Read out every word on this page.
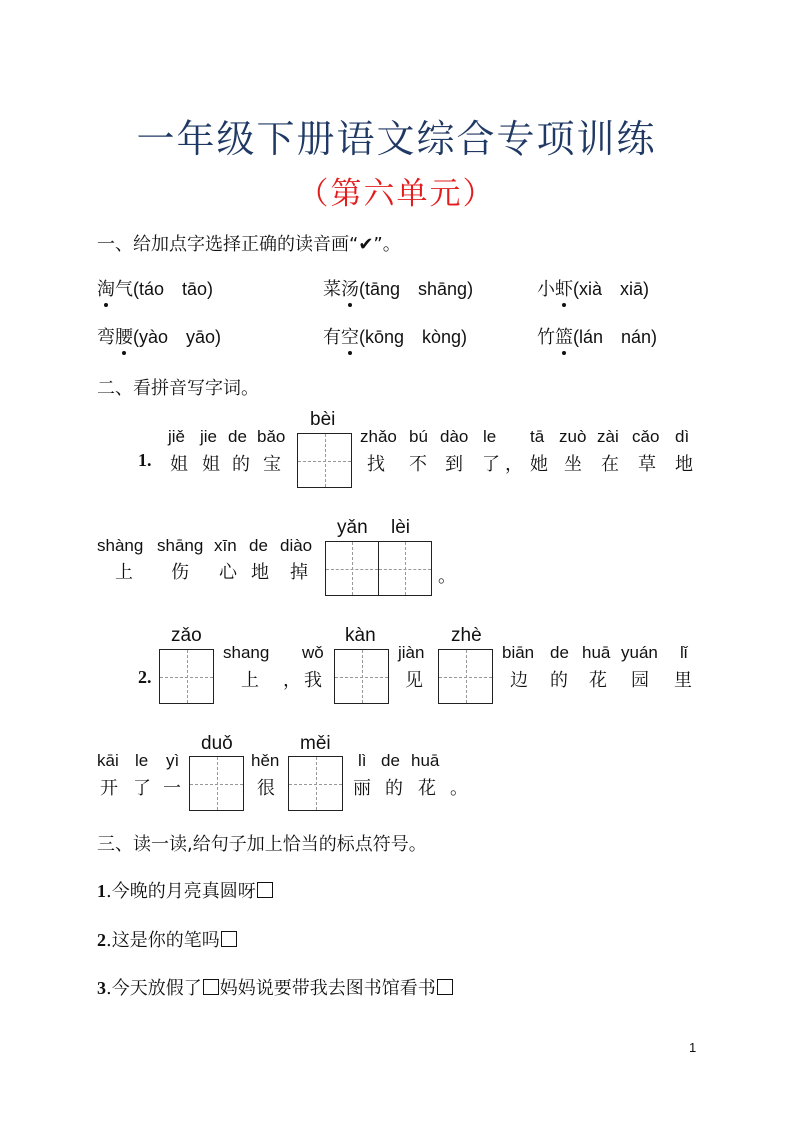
一年级下册语文综合专项训练
（第六单元）
一、给加点字选择正确的读音画“✔”。
淘气(táo　tāo)	菜汤(tāng　shāng)	小虾(xià　xiā)
弯腰(yào　yāo)	有空(kōng　kòng)	竹篮(lán　nán)
二、看拼音写字词。
jiě jie de bǎo
1. 姐 姐 的 宝
bèi
zhǎo bú dào le tā zuò zài cǎo dì
找 不 到 了 ， 她 坐 在 草 地
shàng shāng xīn de diào
上 伤 心 地 掉
yǎn lèi
。
zǎo
2.
shang wǒ
上 ， 我
kàn
jiàn
见
zhè
biān de huā yuán lǐ
边 的 花 园 里
kāi le yì
开 了 一
duǒ
hěn
很
měi
lì de huā
丽 的 花 。
三、读一读,给句子加上恰当的标点符号。
1.今晚的月亮真圆呀
2.这是你的笔吗
3.今天放假了 妈妈说要带我去图书馆看书
1
